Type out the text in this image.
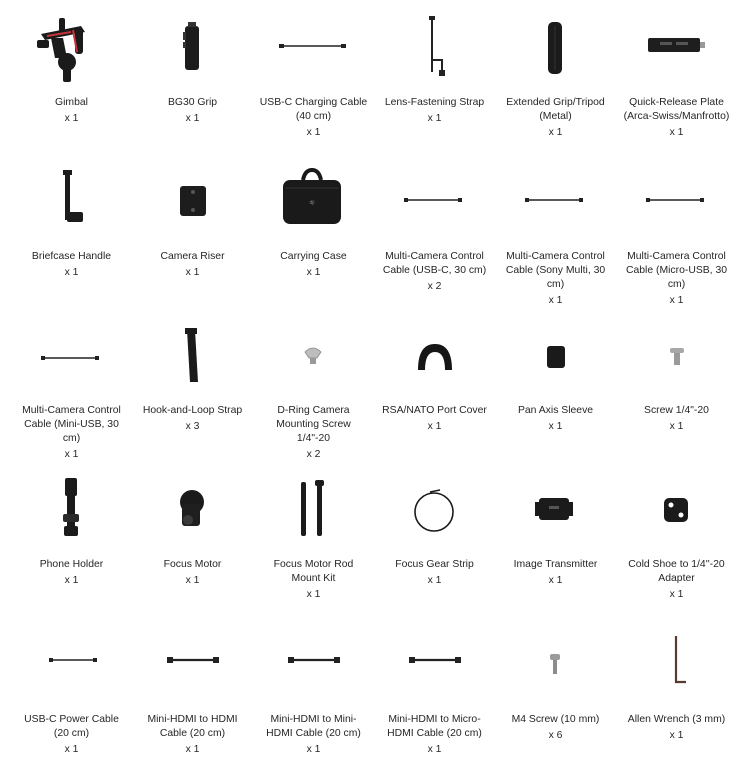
Gimbal
x 1
BG30 Grip
x 1
USB-C Charging Cable (40 cm)
x 1
Lens-Fastening Strap
x 1
Extended Grip/Tripod (Metal)
x 1
Quick-Release Plate (Arca-Swiss/Manfrotto)
x 1
Briefcase Handle
x 1
Camera Riser
x 1
dji
Carrying Case
x 1
Multi-Camera Control Cable (USB-C, 30 cm)
x 2
Multi-Camera Control Cable (Sony Multi, 30 cm)
x 1
Multi-Camera Control Cable (Micro-USB, 30 cm)
x 1
Multi-Camera Control Cable (Mini-USB, 30 cm)
x 1
Hook-and-Loop Strap
x 3
D-Ring Camera Mounting Screw 1/4"-20
x 2
RSA/NATO Port Cover
x 1
Pan Axis Sleeve
x 1
Screw 1/4"-20
x 1
Phone Holder
x 1
Focus Motor
x 1
Focus Motor Rod Mount Kit
x 1
Focus Gear Strip
x 1
Image Transmitter
x 1
Cold Shoe to 1/4''-20 Adapter
x 1
USB-C Power Cable (20 cm)
x 1
Mini-HDMI to HDMI Cable (20 cm)
x 1
Mini-HDMI to Mini-HDMI Cable (20 cm)
x 1
Mini-HDMI to Micro-HDMI Cable (20 cm)
x 1
M4 Screw (10 mm)
x 6
Allen Wrench (3 mm)
x 1
